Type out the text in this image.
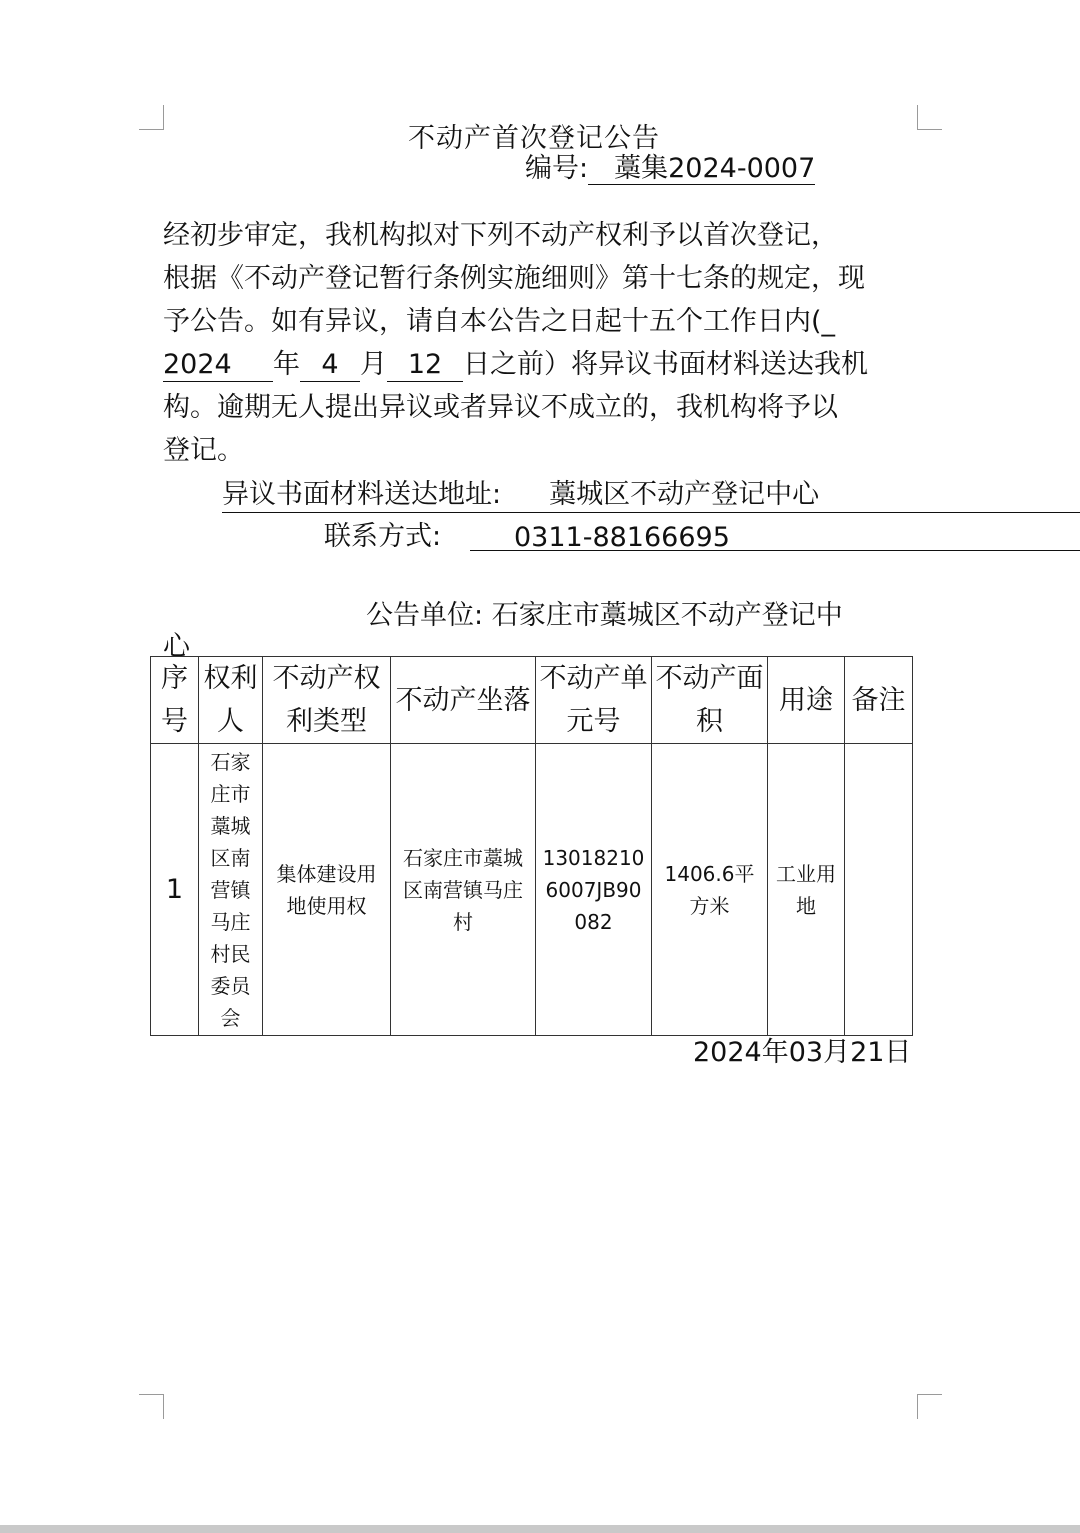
不动产首次登记公告
编号: 藁集2024-0007
经初步审定，我机构拟对下列不动产权利予以首次登记，
根据《不动产登记暂行条例实施细则》第十七条的规定，现
予公告。如有异议，请自本公告之日起十五个工作日内(_
2024 年 4 月 12 日之前）将异议书面材料送达我机
构。逾期无人提出异议或者异议不成立的，我机构将予以
登记。
异议书面材料送达地址: 藁城区不动产登记中心
联系方式:	0311-88166695
公告单位: 石家庄市藁城区不动产登记中
心
序号	权利人	不动产权利类型	不动产坐落	不动产单元号	不动产面积	用途	备注

1	石家庄市藁城区南营镇马庄村民委员会	集体建设用地使用权	石家庄市藁城区南营镇马庄村	130182106007JB90082	1406.6平方米	工业用地	

2024年03月21日
